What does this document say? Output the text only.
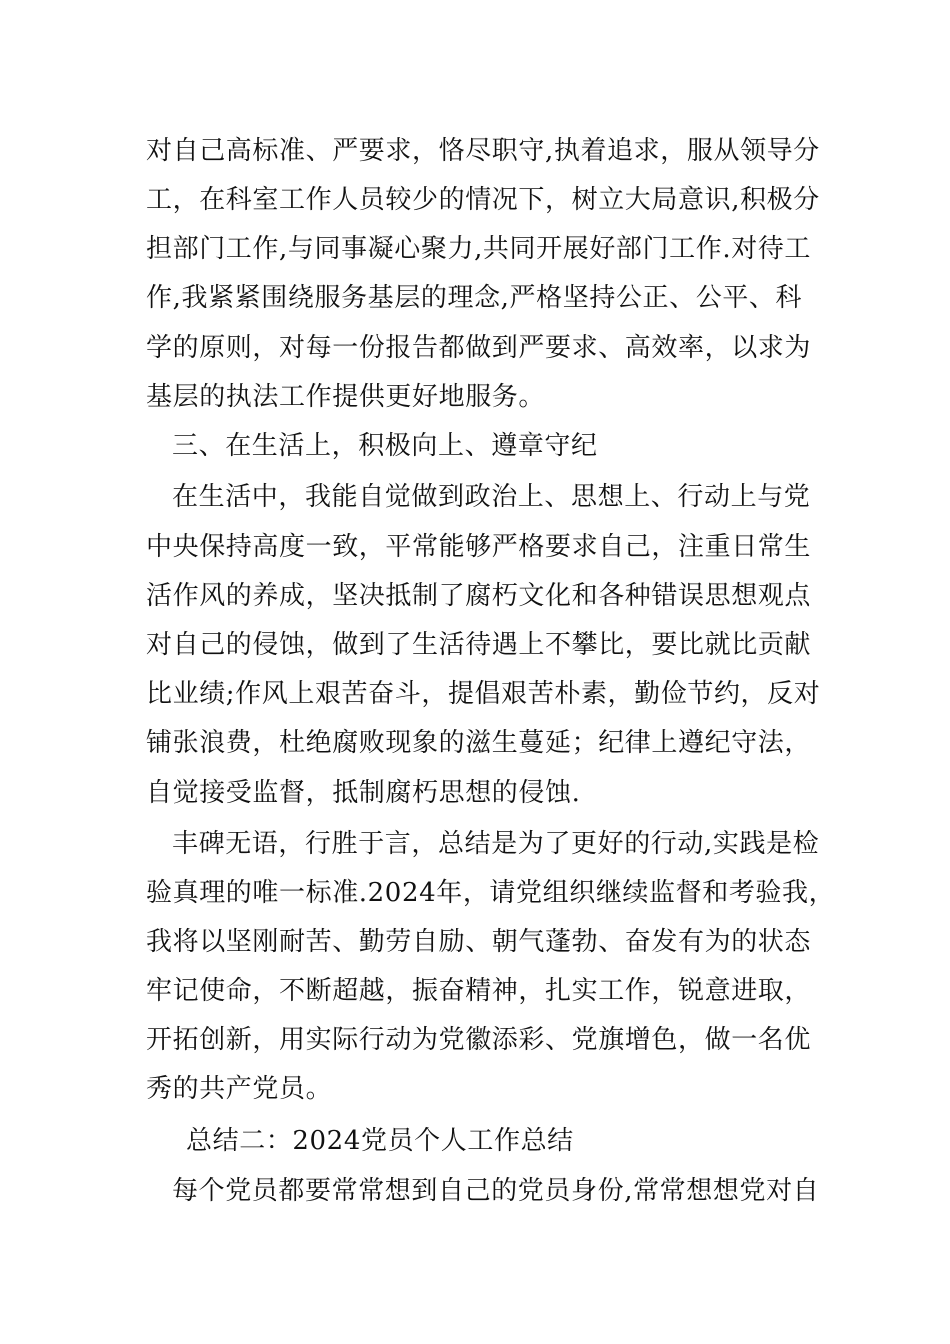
对自己高标准、严要求，恪尽职守,执着追求，服从领导分
工，在科室工作人员较少的情况下，树立大局意识,积极分
担部门工作,与同事凝心聚力,共同开展好部门工作.对待工
作,我紧紧围绕服务基层的理念,严格坚持公正、公平、科
学的原则，对每一份报告都做到严要求、高效率，以求为
基层的执法工作提供更好地服务。
三、在生活上，积极向上、遵章守纪
在生活中，我能自觉做到政治上、思想上、行动上与党
中央保持高度一致，平常能够严格要求自己，注重日常生
活作风的养成，坚决抵制了腐朽文化和各种错误思想观点
对自己的侵蚀，做到了生活待遇上不攀比，要比就比贡献
比业绩;作风上艰苦奋斗，提倡艰苦朴素，勤俭节约，反对
铺张浪费，杜绝腐败现象的滋生蔓延；纪律上遵纪守法，
自觉接受监督，抵制腐朽思想的侵蚀.
丰碑无语，行胜于言，总结是为了更好的行动,实践是检
验真理的唯一标准.2024年，请党组织继续监督和考验我，
我将以坚刚耐苦、勤劳自励、朝气蓬勃、奋发有为的状态
牢记使命，不断超越，振奋精神，扎实工作，锐意进取，
开拓创新，用实际行动为党徽添彩、党旗增色，做一名优
秀的共产党员。
总结二：2024党员个人工作总结
每个党员都要常常想到自己的党员身份,常常想想党对自
